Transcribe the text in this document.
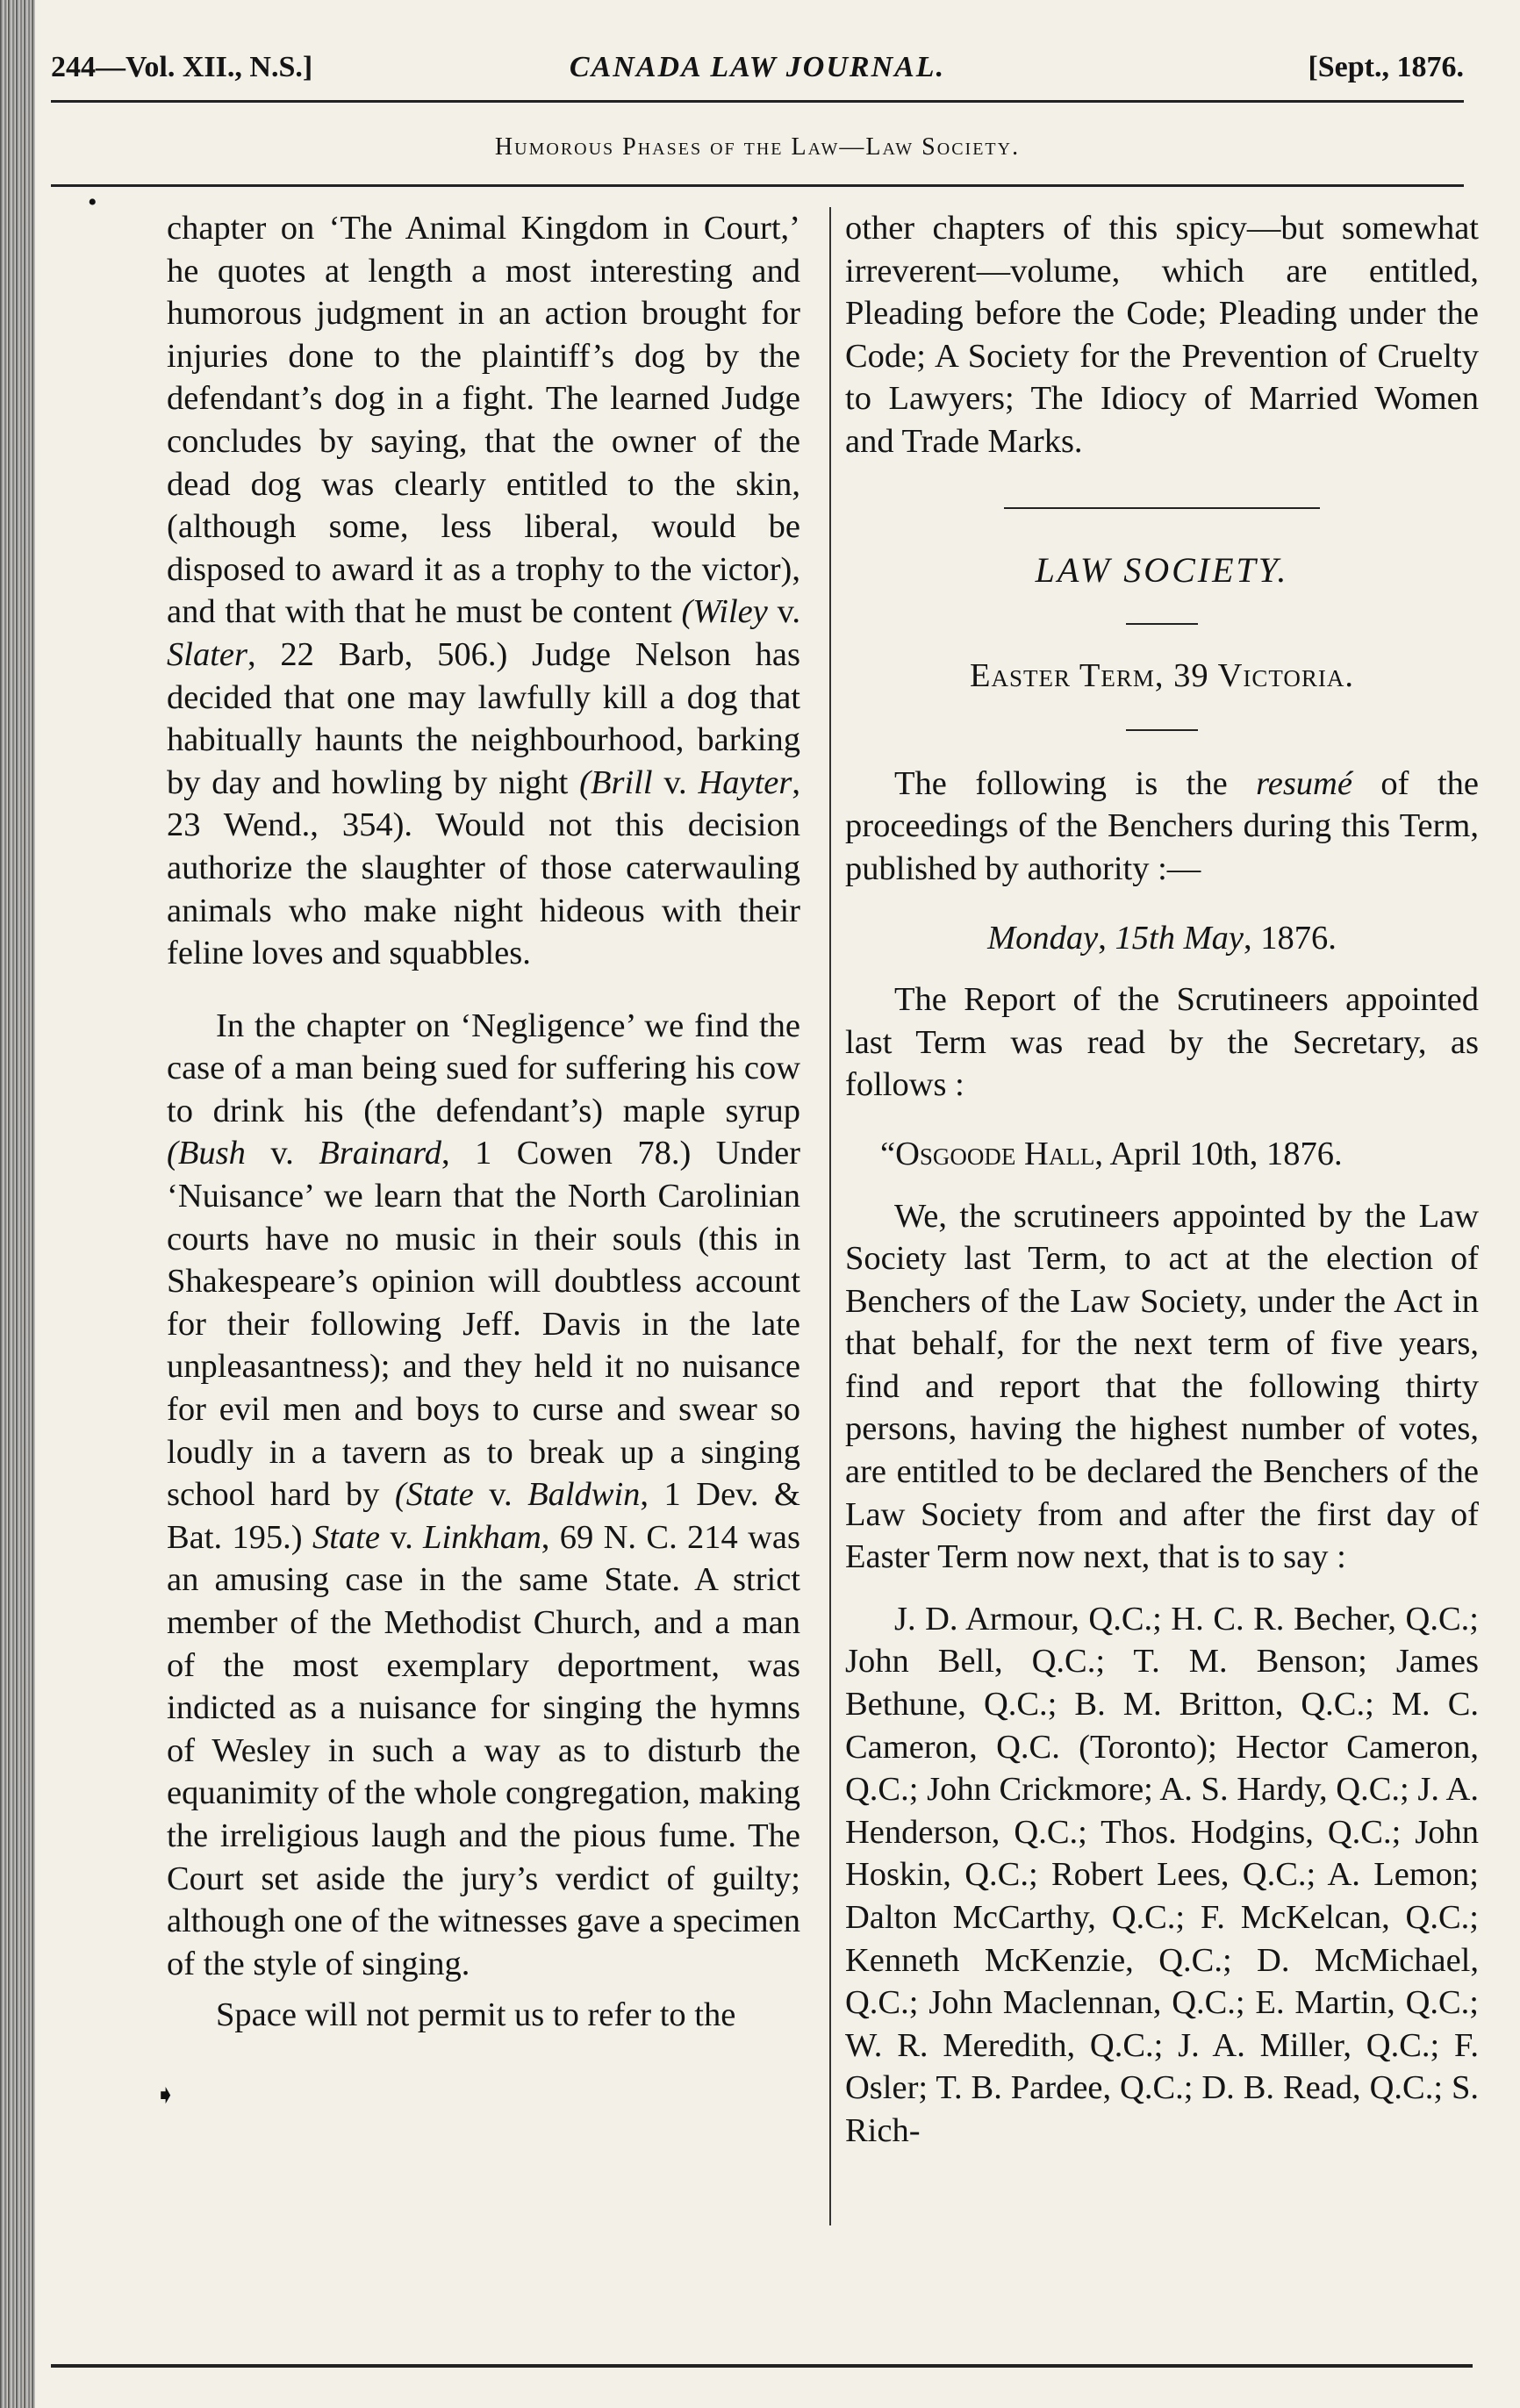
CANADA LAW JOURNAL.
244—Vol. XII., N.S.]	[Sept., 1876.
Humorous Phases of the Law—Law Society.

chapter on ‘The Animal Kingdom in Court,’ he quotes at length a most interesting and humorous judgment in an action brought for injuries done to the plaintiff’s dog by the defendant’s dog in a fight. The learned Judge concludes by saying, that the owner of the dead dog was clearly entitled to the skin, (although some, less liberal, would be disposed to award it as a trophy to the victor), and that with that he must be content (Wiley v. Slater, 22 Barb, 506.) Judge Nelson has decided that one may lawfully kill a dog that habitually haunts the neighbourhood, barking by day and howling by night (Brill v. Hayter, 23 Wend., 354). Would not this decision authorize the slaughter of those caterwauling animals who make night hideous with their feline loves and squabbles.

In the chapter on ‘Negligence’ we find the case of a man being sued for suffering his cow to drink his (the defendant’s) maple syrup (Bush v. Brainard, 1 Cowen 78.) Under ‘Nuisance’ we learn that the North Carolinian courts have no music in their souls (this in Shakespeare’s opinion will doubtless account for their following Jeff. Davis in the late unpleasantness); and they held it no nuisance for evil men and boys to curse and swear so loudly in a tavern as to break up a singing school hard by (State v. Baldwin, 1 Dev. & Bat. 195.) State v. Linkham, 69 N. C. 214 was an amusing case in the same State. A strict member of the Methodist Church, and a man of the most exemplary deportment, was indicted as a nuisance for singing the hymns of Wesley in such a way as to disturb the equanimity of the whole congregation, making the irreligious laugh and the pious fume. The Court set aside the jury’s verdict of guilty; although one of the witnesses gave a specimen of the style of singing.

Space will not permit us to refer to the

other chapters of this spicy—but somewhat irreverent—volume, which are entitled, Pleading before the Code; Pleading under the Code; A Society for the Prevention of Cruelty to Lawyers; The Idiocy of Married Women and Trade Marks.

LAW SOCIETY.

Easter Term, 39 Victoria.

The following is the resumé of the proceedings of the Benchers during this Term, published by authority :—

Monday, 15th May, 1876.

The Report of the Scrutineers appointed last Term was read by the Secretary, as follows :

“Osgoode Hall, April 10th, 1876.

We, the scrutineers appointed by the Law Society last Term, to act at the election of Benchers of the Law Society, under the Act in that behalf, for the next term of five years, find and report that the following thirty persons, having the highest number of votes, are entitled to be declared the Benchers of the Law Society from and after the first day of Easter Term now next, that is to say :

J. D. Armour, Q.C.; H. C. R. Becher, Q.C.; John Bell, Q.C.; T. M. Benson; James Bethune, Q.C.; B. M. Britton, Q.C.; M. C. Cameron, Q.C. (Toronto); Hector Cameron, Q.C.; John Crickmore; A. S. Hardy, Q.C.; J. A. Henderson, Q.C.; Thos. Hodgins, Q.C.; John Hoskin, Q.C.; Robert Lees, Q.C.; A. Lemon; Dalton McCarthy, Q.C.; F. McKelcan, Q.C.; Kenneth McKenzie, Q.C.; D. McMichael, Q.C.; John Maclennan, Q.C.; E. Martin, Q.C.; W. R. Meredith, Q.C.; J. A. Miller, Q.C.; F. Osler; T. B. Pardee, Q.C.; D. B. Read, Q.C.; S. Rich-

•
➧
